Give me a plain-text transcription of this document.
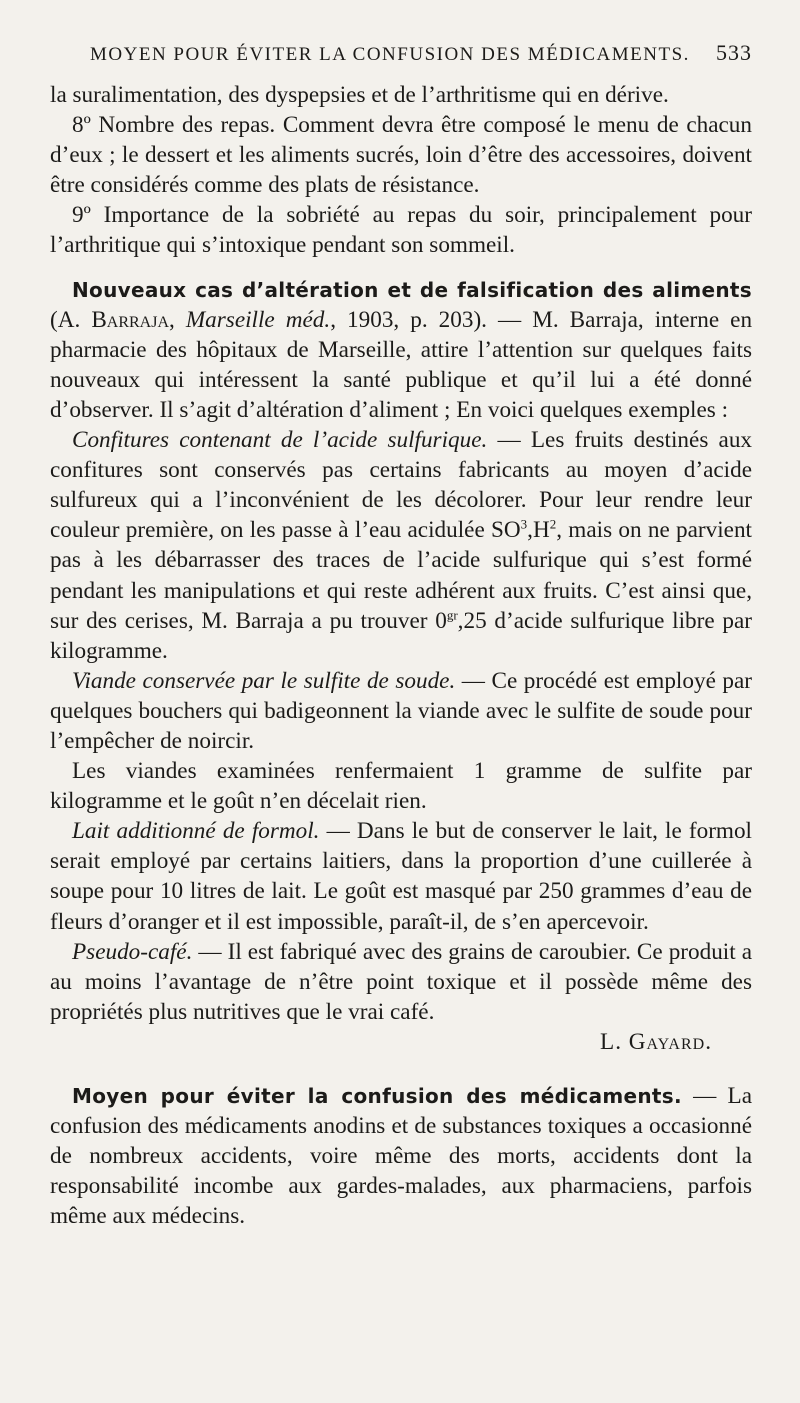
MOYEN POUR ÉVITER LA CONFUSION DES MÉDICAMENTS. 533

la suralimentation, des dyspepsies et de l’arthritisme qui en dérive.

8º Nombre des repas. Comment devra être composé le menu de chacun d’eux ; le dessert et les aliments sucrés, loin d’être des accessoires, doivent être considérés comme des plats de résistance.

9º Importance de la sobriété au repas du soir, principalement pour l’arthritique qui s’intoxique pendant son sommeil.

Nouveaux cas d’altération et de falsification des aliments (A. Barraja, Marseille méd., 1903, p. 203). — M. Barraja, interne en pharmacie des hôpitaux de Marseille, attire l’attention sur quelques faits nouveaux qui intéressent la santé publique et qu’il lui a été donné d’observer. Il s’agit d’altération d’aliment ; En voici quelques exemples :

Confitures contenant de l’acide sulfurique. — Les fruits destinés aux confitures sont conservés pas certains fabricants au moyen d’acide sulfureux qui a l’inconvénient de les décolorer. Pour leur rendre leur couleur première, on les passe à l’eau acidulée $SO^3,H^2$, mais on ne parvient pas à les débarrasser des traces de l’acide sulfurique qui s’est formé pendant les manipulations et qui reste adhérent aux fruits. C’est ainsi que, sur des cerises, M. Barraja a pu trouver $0^{gr},25$ d’acide sulfurique libre par kilogramme.

Viande conservée par le sulfite de soude. — Ce procédé est employé par quelques bouchers qui badigeonnent la viande avec le sulfite de soude pour l’empêcher de noircir.

Les viandes examinées renfermaient 1 gramme de sulfite par kilogramme et le goût n’en décelait rien.

Lait additionné de formol. — Dans le but de conserver le lait, le formol serait employé par certains laitiers, dans la proportion d’une cuillerée à soupe pour 10 litres de lait. Le goût est masqué par 250 grammes d’eau de fleurs d’oranger et il est impossible, paraît-il, de s’en apercevoir.

Pseudo-café. — Il est fabriqué avec des grains de caroubier. Ce produit a au moins l’avantage de n’être point toxique et il possède même des propriétés plus nutritives que le vrai café.

L. Gayard.

Moyen pour éviter la confusion des médicaments. — La confusion des médicaments anodins et de substances toxiques a occasionné de nombreux accidents, voire même des morts, accidents dont la responsabilité incombe aux gardes-malades, aux pharmaciens, parfois même aux médecins.
